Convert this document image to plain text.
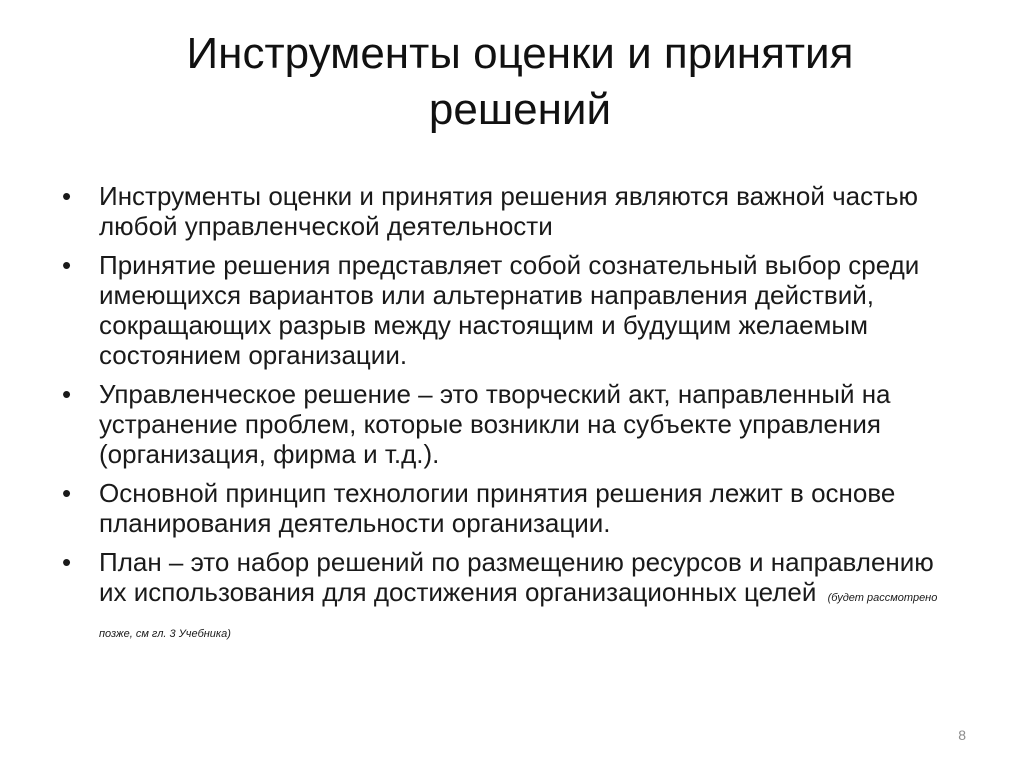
Инструменты оценки и принятия
решений
•	Инструменты оценки и принятия решения являются важной частью любой управленческой деятельности
•	Принятие решения представляет собой сознательный выбор среди имеющихся вариантов или альтернатив направления действий, сокращающих разрыв между настоящим и будущим желаемым состоянием организации.
•	Управленческое решение – это творческий акт, направленный на устранение проблем, которые возникли на субъекте управления (организация, фирма и т.д.).
•	Основной принцип технологии принятия решения лежит в основе планирования деятельности организации.
•	План – это набор решений по размещению ресурсов и направлению их использования для достижения организационных целей (будет рассмотрено позже, см гл. 3 Учебника)
8
